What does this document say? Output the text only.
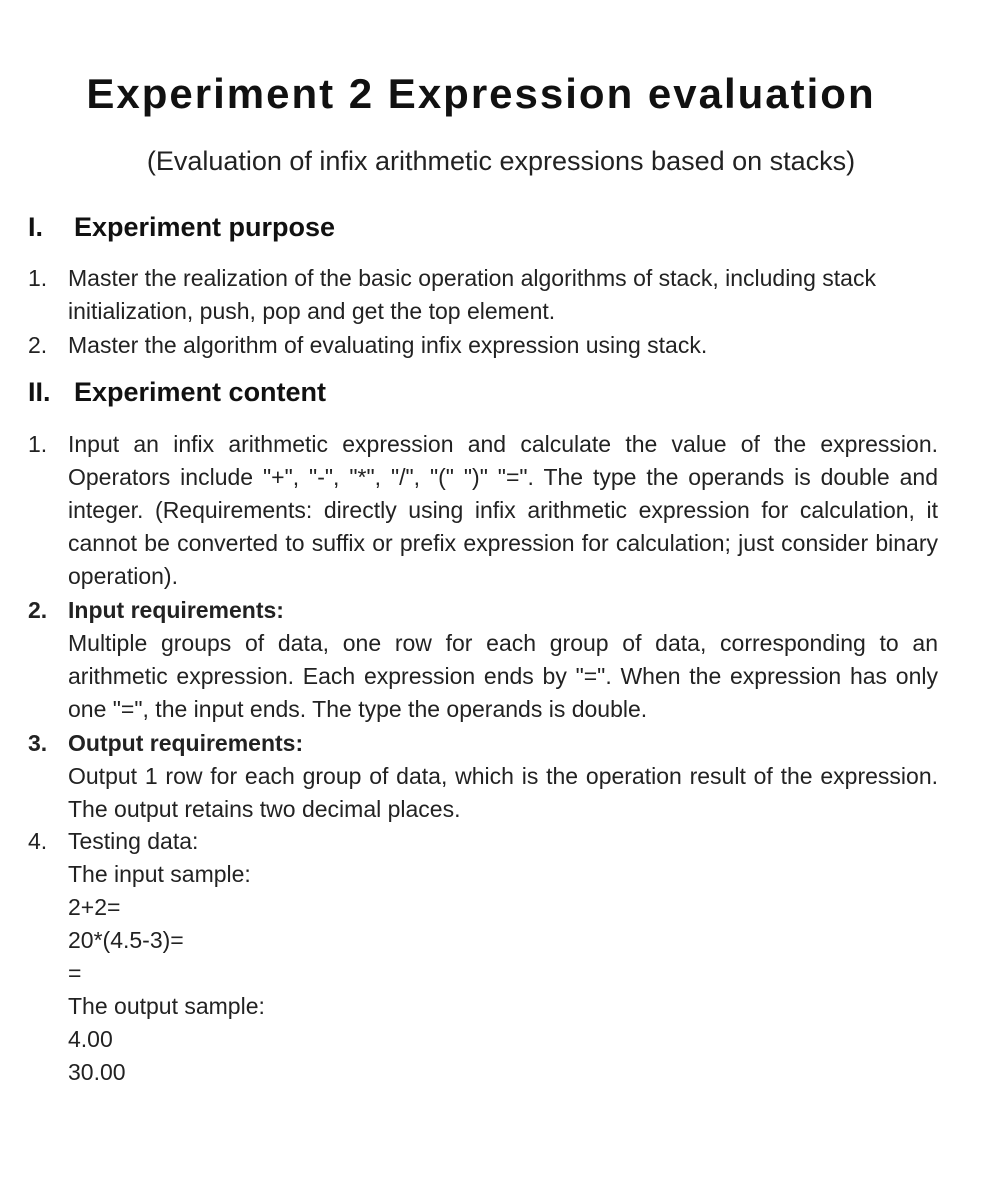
Experiment 2 Expression evaluation

(Evaluation of infix arithmetic expressions based on stacks)

I.	Experiment purpose
1. Master the realization of the basic operation algorithms of stack, including stack initialization, push, pop and get the top element.
2. Master the algorithm of evaluating infix expression using stack.
II. Experiment content
1. Input an infix arithmetic expression and calculate the value of the expression. Operators include "+", "-", "*", "/", "(" ")" "=". The type the operands is double and integer. (Requirements: directly using infix arithmetic expression for calculation, it cannot be converted to suffix or prefix expression for calculation; just consider binary operation).
2. Input requirements:
Multiple groups of data, one row for each group of data, corresponding to an arithmetic expression. Each expression ends by "=". When the expression has only one "=", the input ends. The type the operands is double.
3. Output requirements:
Output 1 row for each group of data, which is the operation result of the expression. The output retains two decimal places.
4. Testing data:
The input sample:
2+2=
20*(4.5-3)=
=
The output sample:
4.00
30.00
